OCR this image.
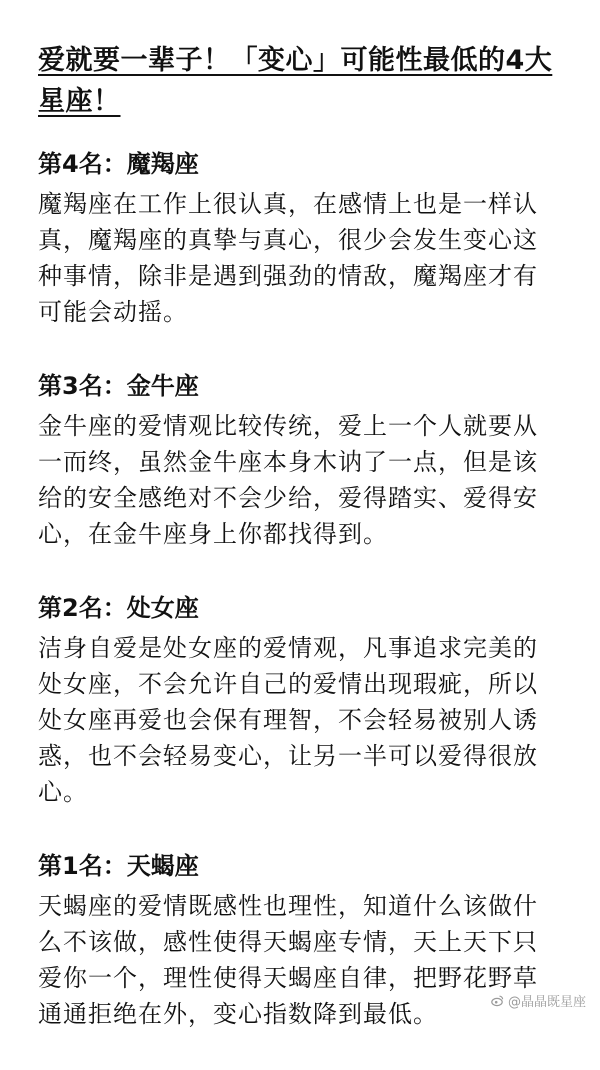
爱就要一辈子！「变心」可能性最低的4大星座！
第4名：魔羯座

魔羯座在工作上很认真，在感情上也是一样认真，魔羯座的真挚与真心，很少会发生变心这种事情，除非是遇到强劲的情敌，魔羯座才有可能会动摇。

第3名：金牛座

金牛座的爱情观比较传统，爱上一个人就要从一而终，虽然金牛座本身木讷了一点，但是该给的安全感绝对不会少给，爱得踏实、爱得安心，在金牛座身上你都找得到。

第2名：处女座

洁身自爱是处女座的爱情观，凡事追求完美的处女座，不会允许自己的爱情出现瑕疵，所以处女座再爱也会保有理智，不会轻易被别人诱惑，也不会轻易变心，让另一半可以爱得很放心。

第1名：天蝎座

天蝎座的爱情既感性也理性，知道什么该做什么不该做，感性使得天蝎座专情，天上天下只爱你一个，理性使得天蝎座自律，把野花野草通通拒绝在外，变心指数降到最低。	@晶晶既星座
